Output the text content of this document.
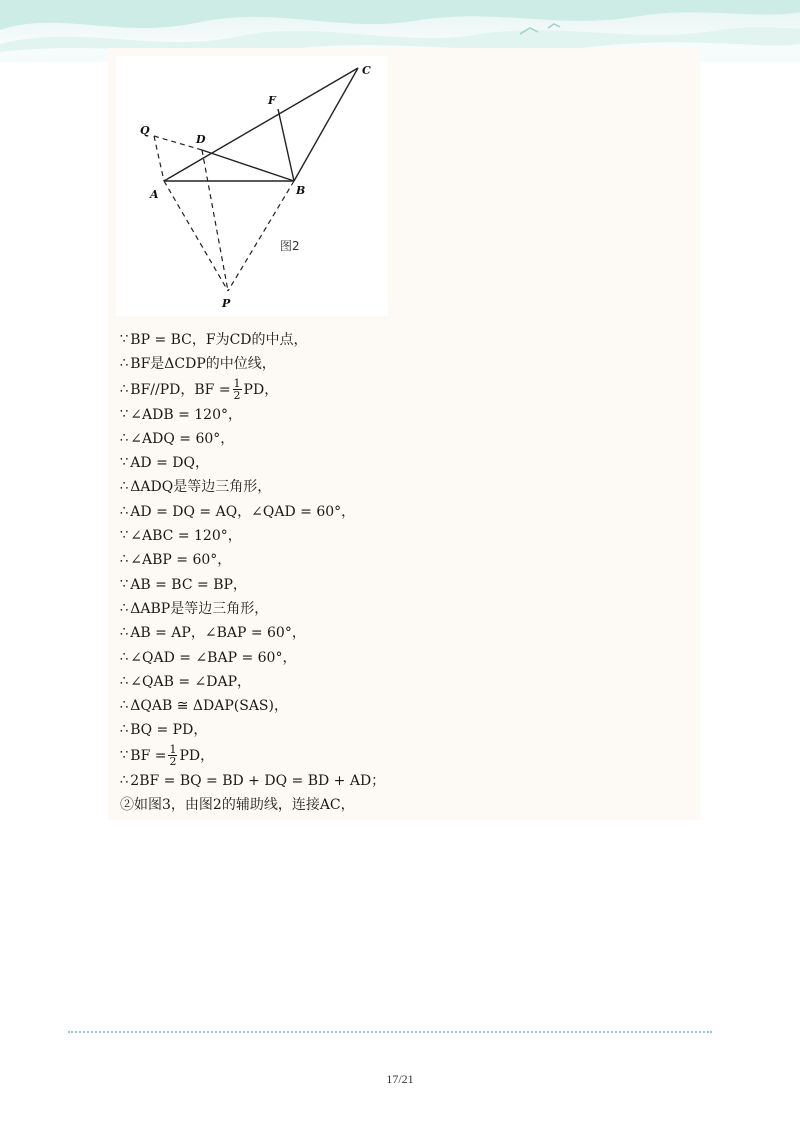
C
F
D
Q
A	B
P
图2
∵ BP = BC，F为CD的中点，
∴ BF是ΔCDP的中位线，
∴ BF//PD，BF = $\frac{1}{2}$ PD，
∵ ∠ADB = 120°，
∴ ∠ADQ = 60°，
∵ AD = DQ，
∴ ΔADQ是等边三角形，
∴ AD = DQ = AQ，∠QAD = 60°，
∵ ∠ABC = 120°，
∴ ∠ABP = 60°，
∵ AB = BC = BP，
∴ ΔABP是等边三角形，
∴ AB = AP，∠BAP = 60°，
∴ ∠QAD = ∠BAP = 60°，
∴ ∠QAB = ∠DAP，
∴ ΔQAB ≅ ΔDAP(SAS)，
∴ BQ = PD，
∵ BF = $\frac{1}{2}$ PD，
∴ 2BF = BQ = BD + DQ = BD + AD；
②如图3，由图2的辅助线，连接AC，
17/21
